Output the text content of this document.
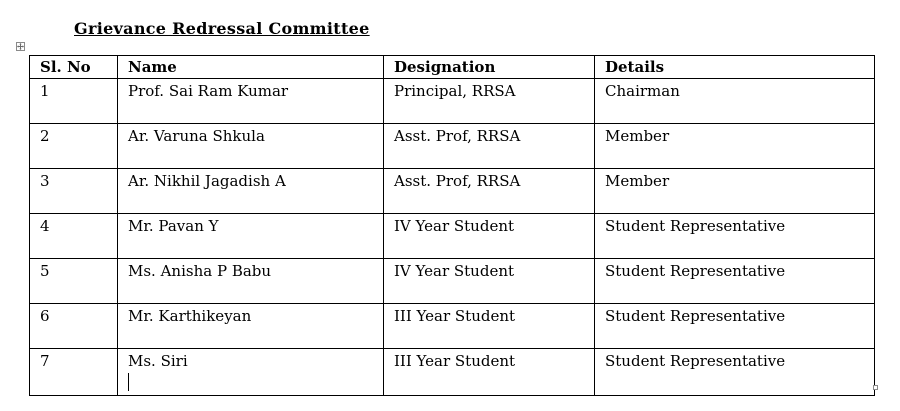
Grievance Redressal Committee
Sl. No	Name	Designation	Details
1	Prof. Sai Ram Kumar	Principal, RRSA	Chairman
2	Ar. Varuna Shkula	Asst. Prof, RRSA	Member
3	Ar. Nikhil Jagadish A	Asst. Prof, RRSA	Member
4	Mr. Pavan Y	IV Year Student	Student Representative
5	Ms. Anisha P Babu	IV Year Student	Student Representative
6	Mr. Karthikeyan	III Year Student	Student Representative
7	Ms. Siri	III Year Student	Student Representative
